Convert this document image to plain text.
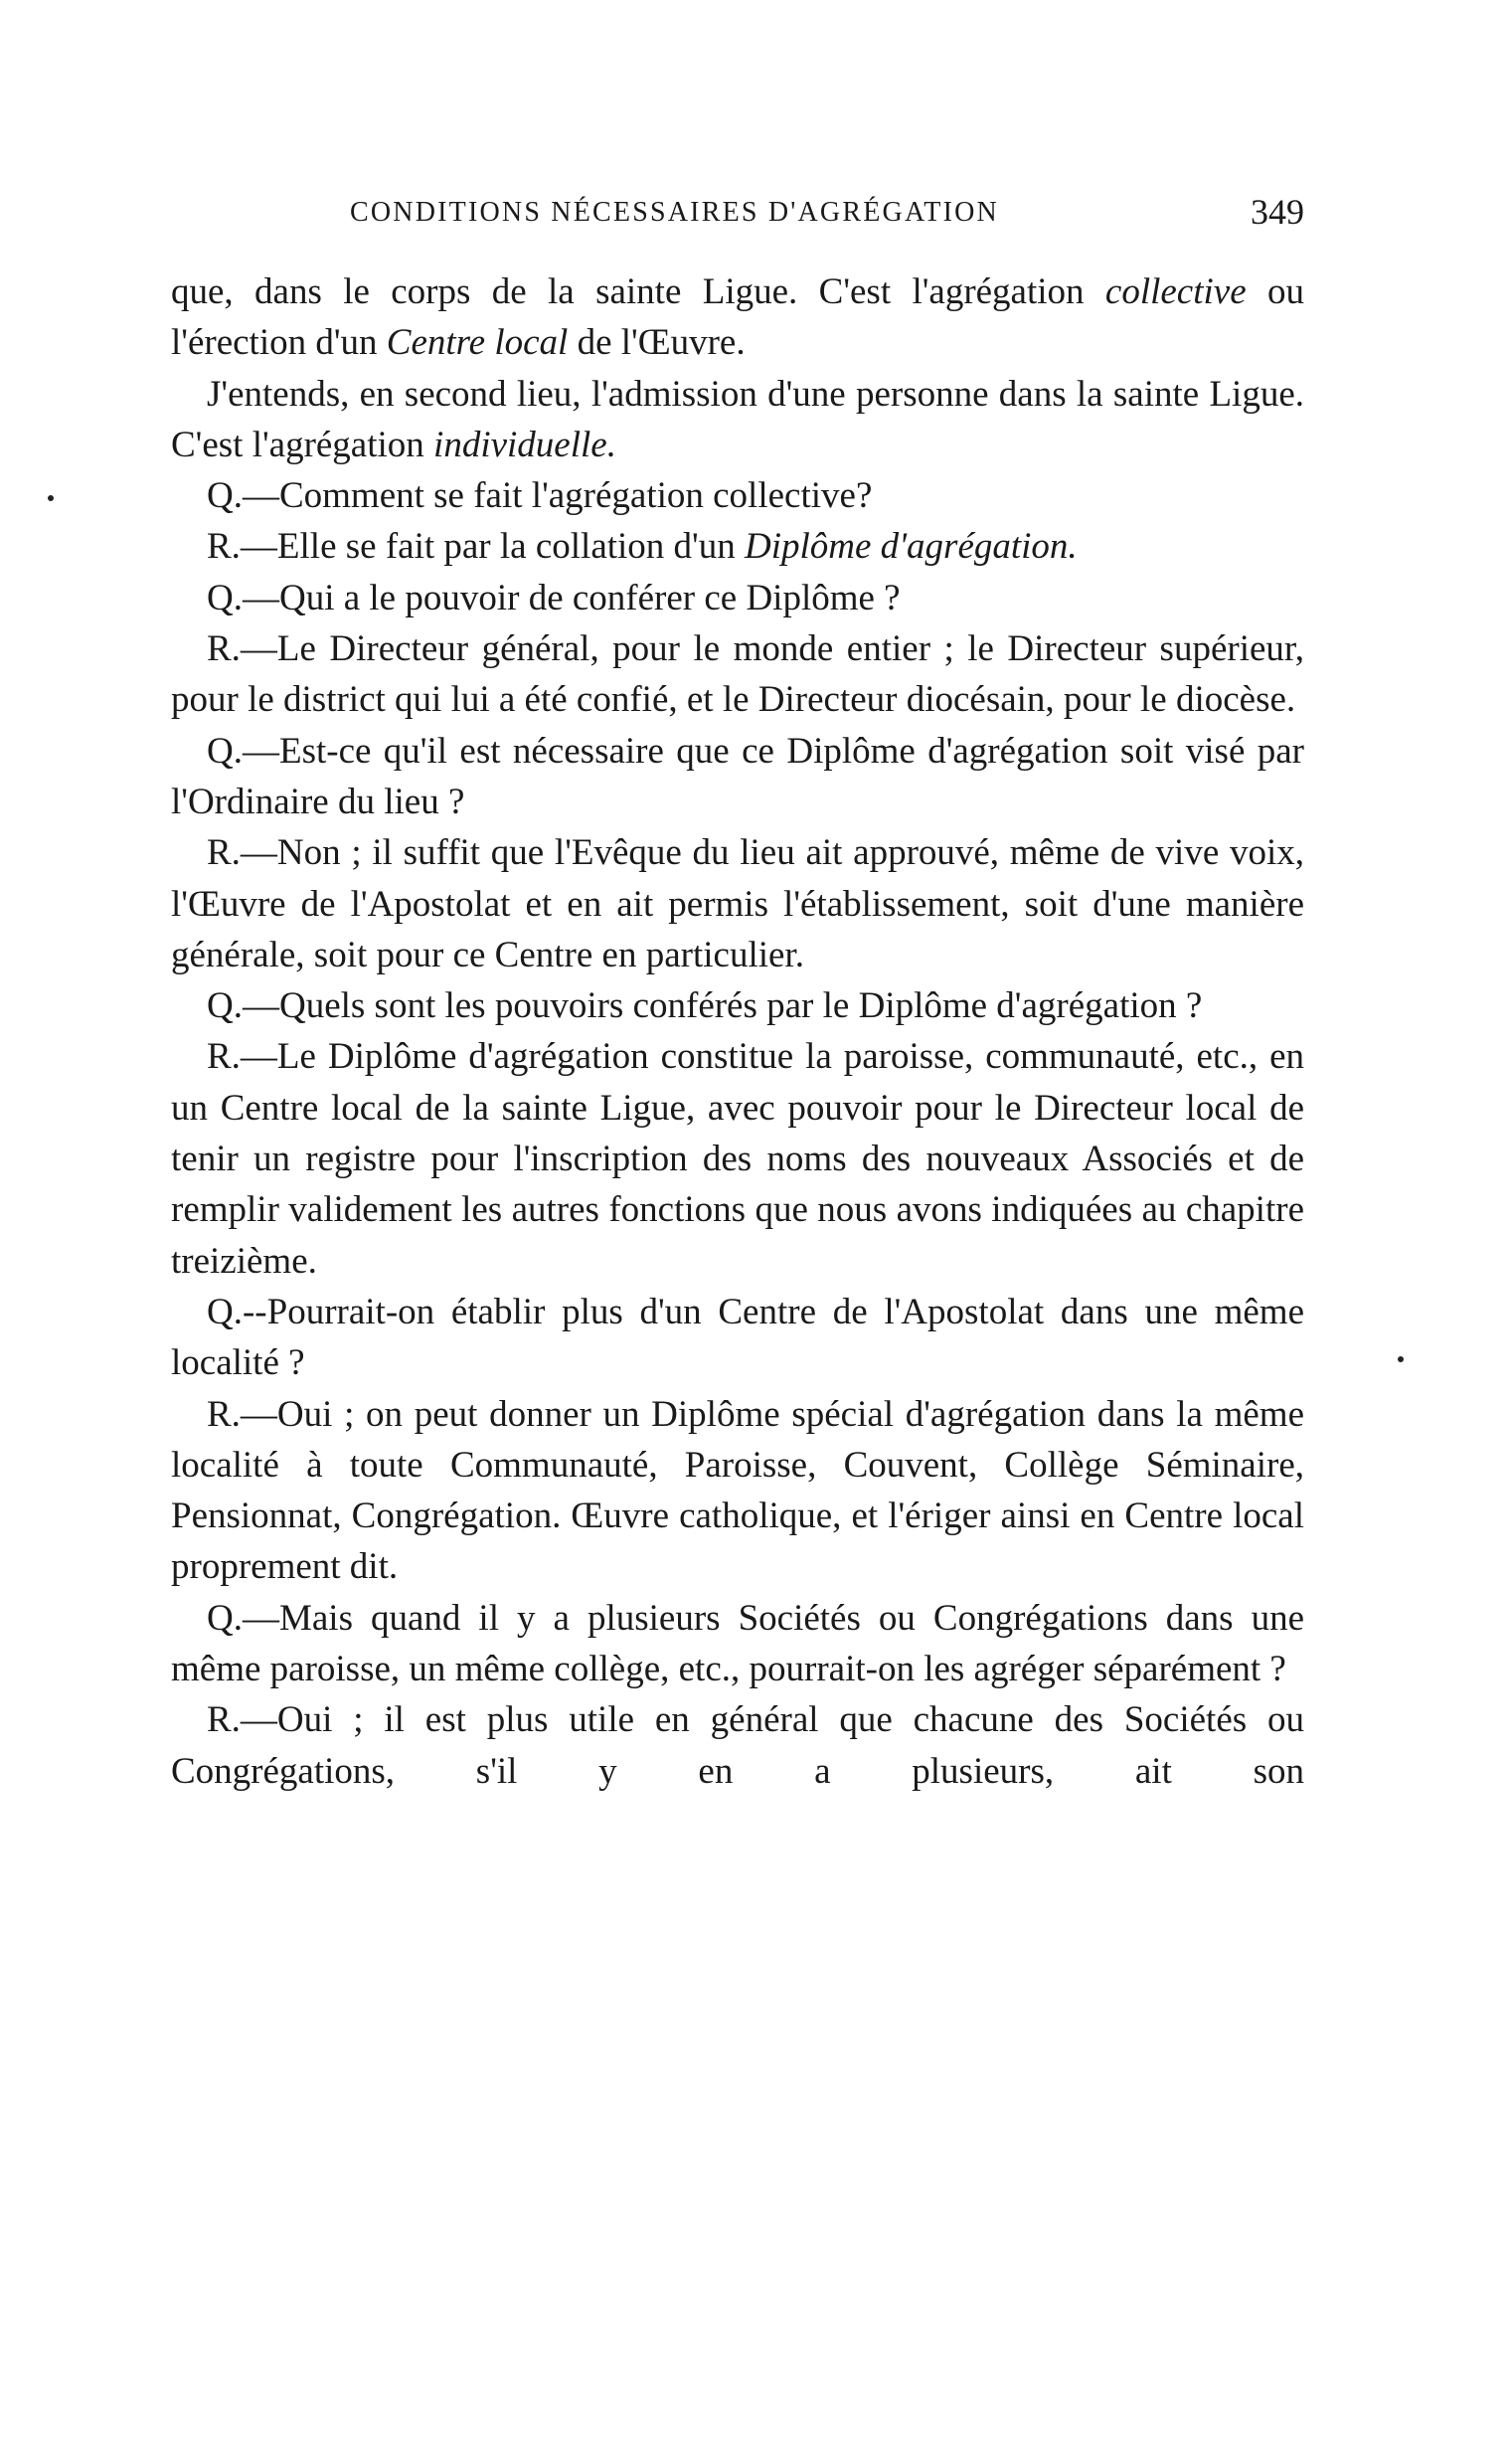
CONDITIONS NÉCESSAIRES D'AGRÉGATION	349

que, dans le corps de la sainte Ligue. C'est l'agrégation collective ou l'érection d'un Centre local de l'Œuvre.

J'entends, en second lieu, l'admission d'une personne dans la sainte Ligue. C'est l'agrégation individuelle.

Q.—Comment se fait l'agrégation collective?

R.—Elle se fait par la collation d'un Diplôme d'agrégation.

Q.—Qui a le pouvoir de conférer ce Diplôme ?

R.—Le Directeur général, pour le monde entier ; le Directeur supérieur, pour le district qui lui a été confié, et le Directeur diocésain, pour le diocèse.

Q.—Est-ce qu'il est nécessaire que ce Diplôme d'agrégation soit visé par l'Ordinaire du lieu ?

R.—Non ; il suffit que l'Evêque du lieu ait approuvé, même de vive voix, l'Œuvre de l'Apostolat et en ait permis l'établissement, soit d'une manière générale, soit pour ce Centre en particulier.

Q.—Quels sont les pouvoirs conférés par le Diplôme d'agrégation ?

R.—Le Diplôme d'agrégation constitue la paroisse, communauté, etc., en un Centre local de la sainte Ligue, avec pouvoir pour le Directeur local de tenir un registre pour l'inscription des noms des nouveaux Associés et de remplir validement les autres fonctions que nous avons indiquées au chapitre treizième.

Q.--Pourrait-on établir plus d'un Centre de l'Apostolat dans une même localité ?

R.—Oui ; on peut donner un Diplôme spécial d'agrégation dans la même localité à toute Communauté, Paroisse, Couvent, Collège Séminaire, Pensionnat, Congrégation. Œuvre catholique, et l'ériger ainsi en Centre local proprement dit.

Q.—Mais quand il y a plusieurs Sociétés ou Congrégations dans une même paroisse, un même collège, etc., pourrait-on les agréger séparément ?

R.—Oui ; il est plus utile en général que chacune des Sociétés ou Congrégations, s'il y en a plusieurs, ait son
